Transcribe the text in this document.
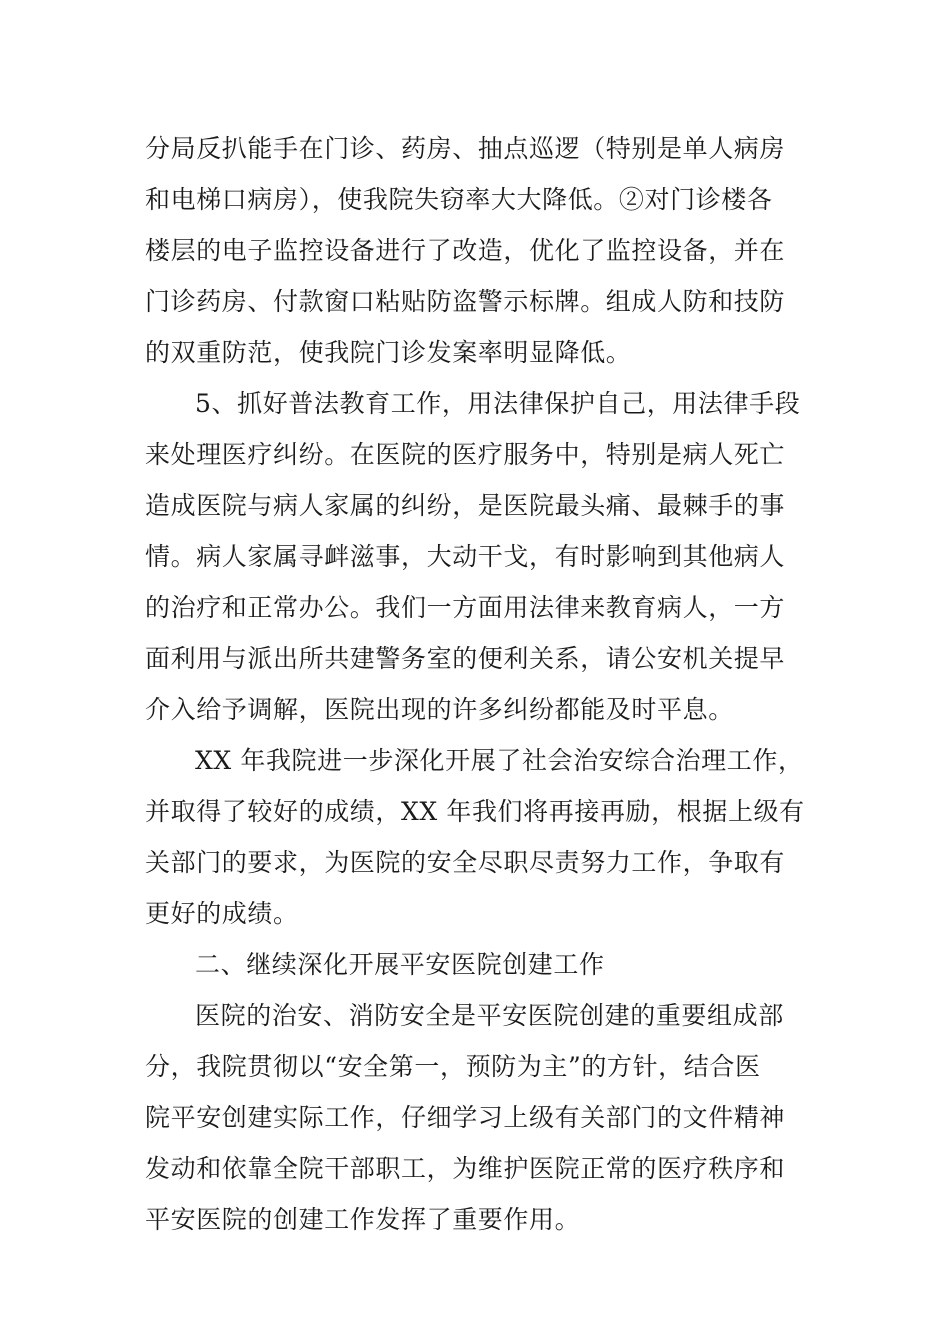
分局反扒能手在门诊、药房、抽点巡逻（特别是单人病房
和电梯口病房），使我院失窃率大大降低。②对门诊楼各
楼层的电子监控设备进行了改造，优化了监控设备，并在
门诊药房、付款窗口粘贴防盗警示标牌。组成人防和技防
的双重防范，使我院门诊发案率明显降低。
5、抓好普法教育工作，用法律保护自己，用法律手段
来处理医疗纠纷。在医院的医疗服务中，特别是病人死亡
造成医院与病人家属的纠纷，是医院最头痛、最棘手的事
情。病人家属寻衅滋事，大动干戈，有时影响到其他病人
的治疗和正常办公。我们一方面用法律来教育病人，一方
面利用与派出所共建警务室的便利关系，请公安机关提早
介入给予调解，医院出现的许多纠纷都能及时平息。
XX 年我院进一步深化开展了社会治安综合治理工作，
并取得了较好的成绩，XX 年我们将再接再励，根据上级有
关部门的要求，为医院的安全尽职尽责努力工作，争取有
更好的成绩。
二、继续深化开展平安医院创建工作
医院的治安、消防安全是平安医院创建的重要组成部
分，我院贯彻以“安全第一，预防为主”的方针，结合医
院平安创建实际工作，仔细学习上级有关部门的文件精神
发动和依靠全院干部职工，为维护医院正常的医疗秩序和
平安医院的创建工作发挥了重要作用。
